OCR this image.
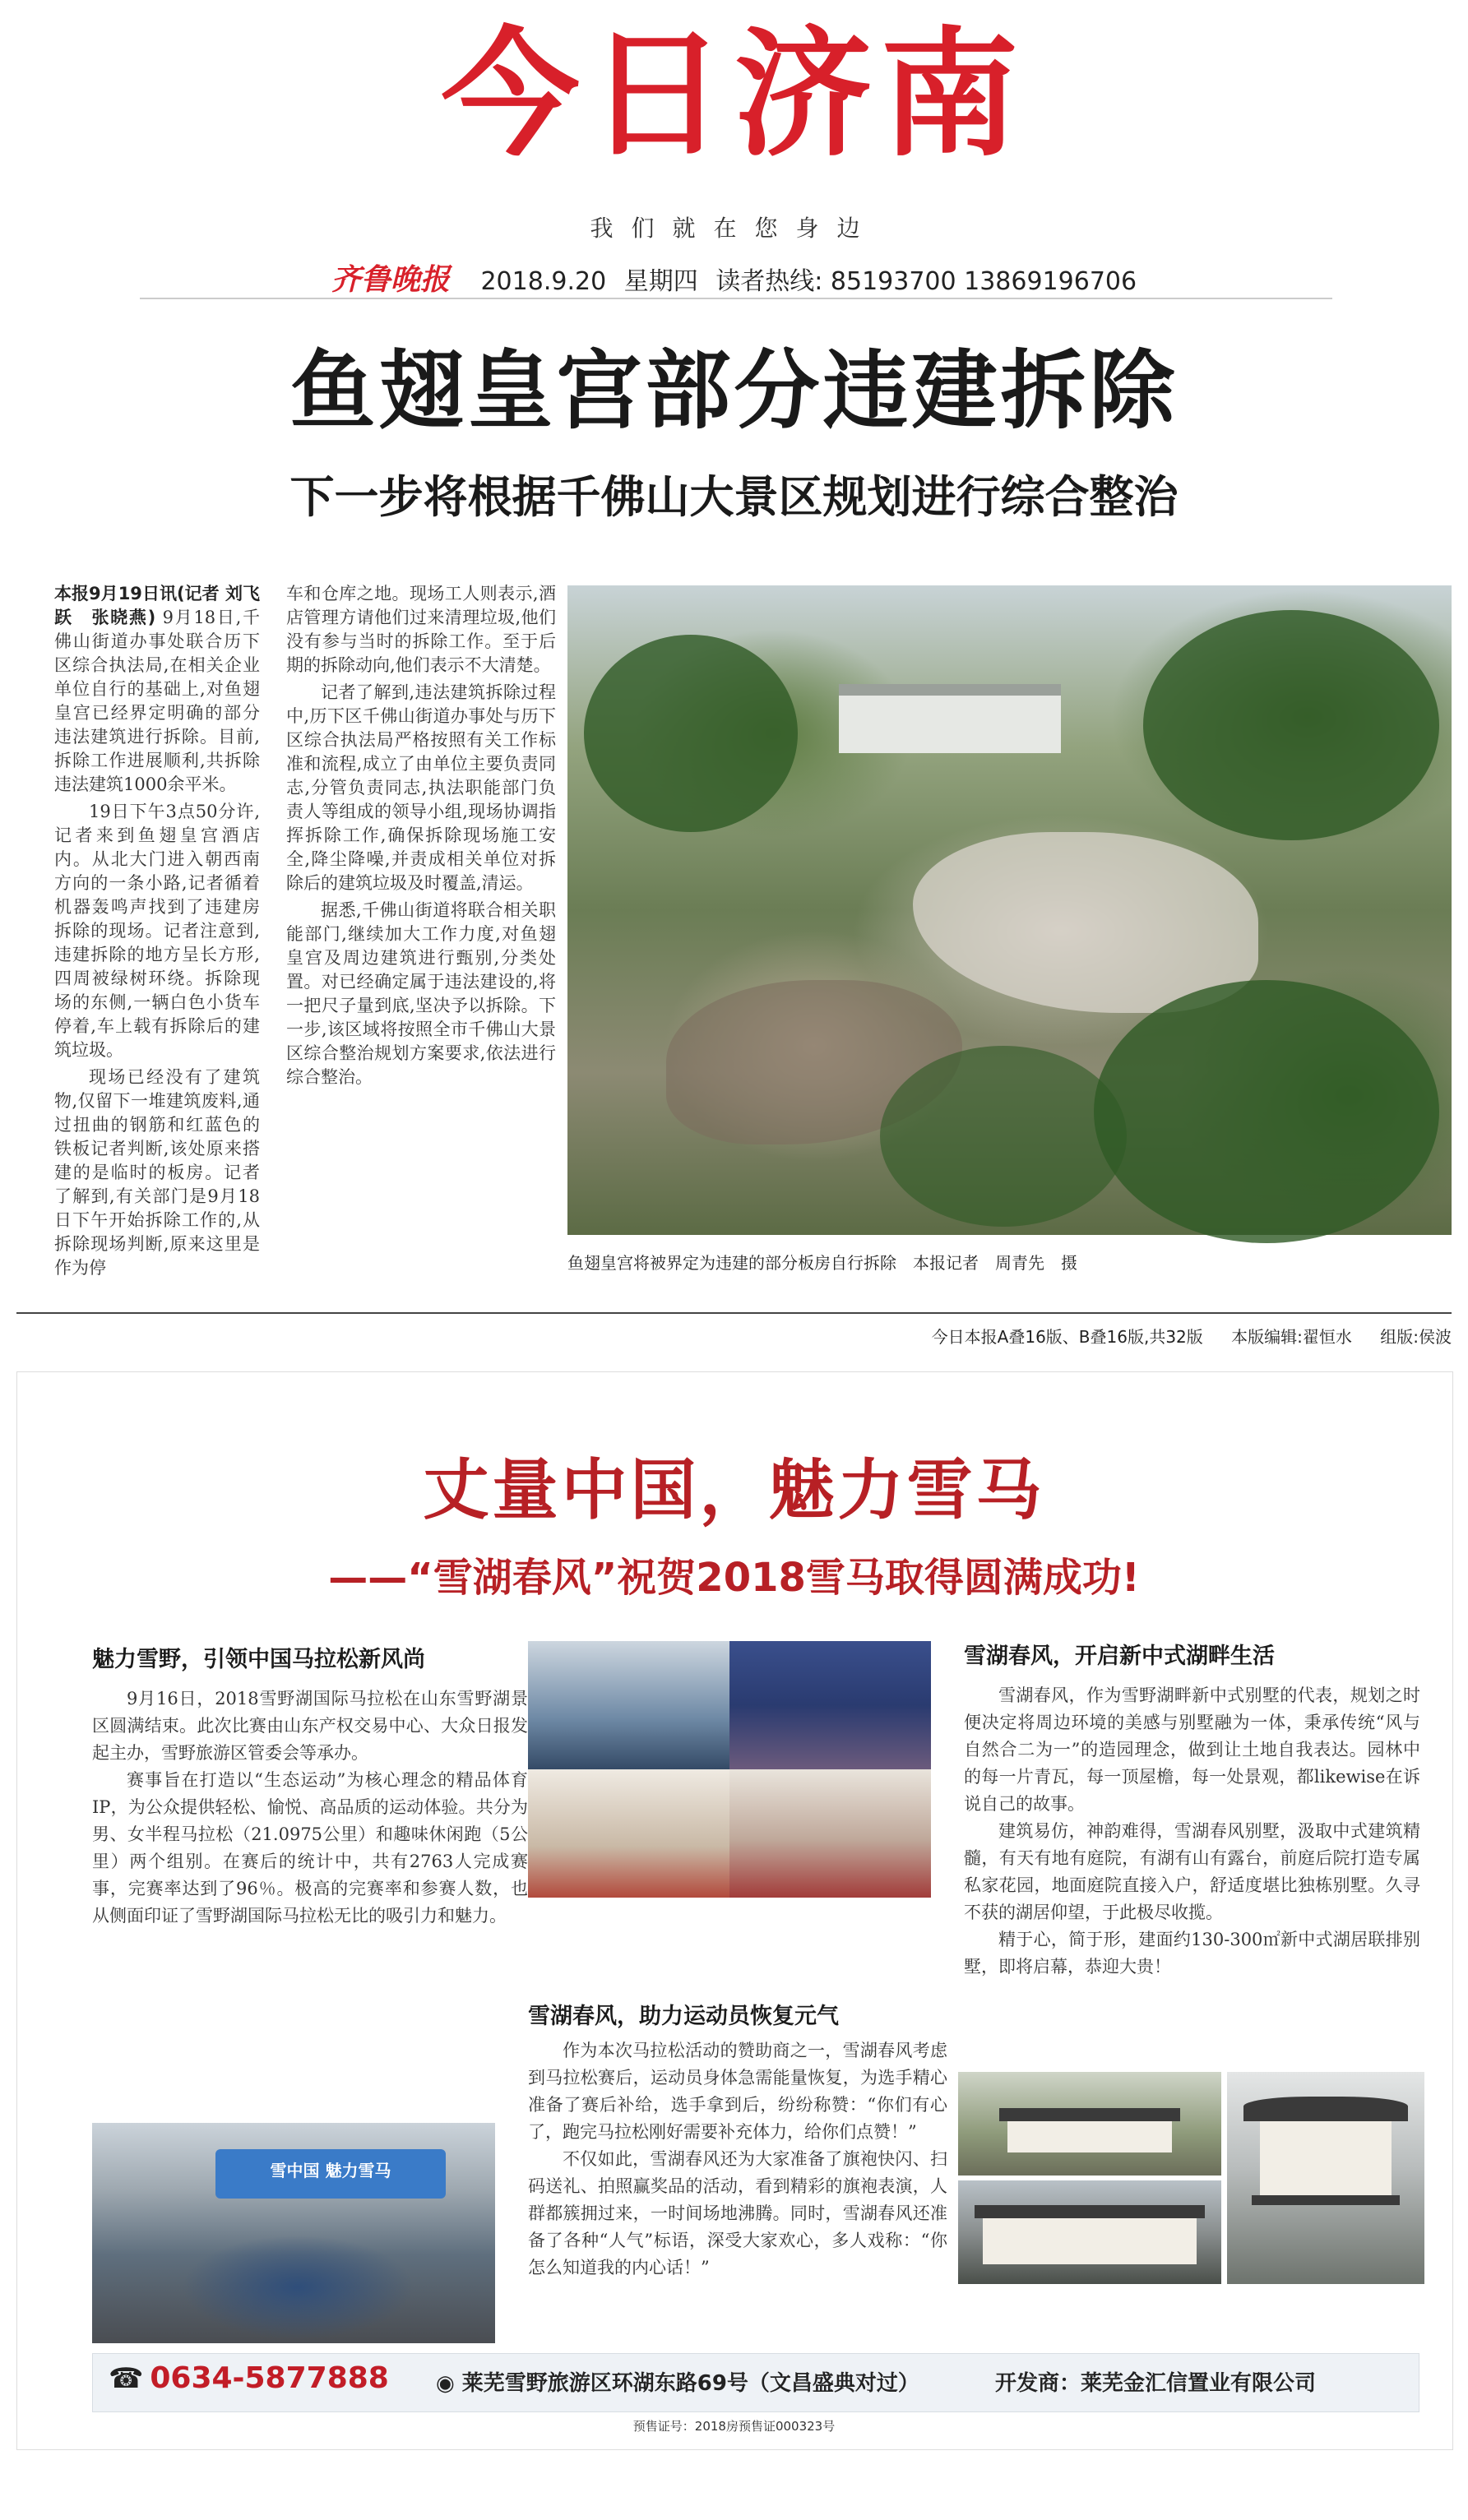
今日济南
我们就在您身边
齐鲁晚报 2018.9.20 星期四 读者热线: 85193700 13869196706
鱼翅皇宫部分违建拆除
下一步将根据千佛山大景区规划进行综合整治

本报9月19日讯(记者 刘飞跃　张晓燕) 9月18日,千佛山街道办事处联合历下区综合执法局,在相关企业单位自行的基础上,对鱼翅皇宫已经界定明确的部分违法建筑进行拆除。目前,拆除工作进展顺利,共拆除违法建筑1000余平米。

19日下午3点50分许,记者来到鱼翅皇宫酒店内。从北大门进入朝西南方向的一条小路,记者循着机器轰鸣声找到了违建房拆除的现场。记者注意到,违建拆除的地方呈长方形,四周被绿树环绕。拆除现场的东侧,一辆白色小货车停着,车上载有拆除后的建筑垃圾。

现场已经没有了建筑物,仅留下一堆建筑废料,通过扭曲的钢筋和红蓝色的铁板记者判断,该处原来搭建的是临时的板房。记者了解到,有关部门是9月18日下午开始拆除工作的,从拆除现场判断,原来这里是作为停

车和仓库之地。现场工人则表示,酒店管理方请他们过来清理垃圾,他们没有参与当时的拆除工作。至于后期的拆除动向,他们表示不大清楚。

记者了解到,违法建筑拆除过程中,历下区千佛山街道办事处与历下区综合执法局严格按照有关工作标准和流程,成立了由单位主要负责同志,分管负责同志,执法职能部门负责人等组成的领导小组,现场协调指挥拆除工作,确保拆除现场施工安全,降尘降噪,并责成相关单位对拆除后的建筑垃圾及时覆盖,清运。

据悉,千佛山街道将联合相关职能部门,继续加大工作力度,对鱼翅皇宫及周边建筑进行甄别,分类处置。对已经确定属于违法建设的,将一把尺子量到底,坚决予以拆除。下一步,该区域将按照全市千佛山大景区综合整治规划方案要求,依法进行综合整治。

鱼翅皇宫将被界定为违建的部分板房自行拆除　本报记者　周青先　摄
今日本报A叠16版、B叠16版,共32版 本版编辑:翟恒水 组版:侯波
丈量中国，魅力雪马
——“雪湖春风”祝贺2018雪马取得圆满成功!
魅力雪野，引领中国马拉松新风尚

9月16日，2018雪野湖国际马拉松在山东雪野湖景区圆满结束。此次比赛由山东产权交易中心、大众日报发起主办，雪野旅游区管委会等承办。

赛事旨在打造以“生态运动”为核心理念的精品体育IP，为公众提供轻松、愉悦、高品质的运动体验。共分为男、女半程马拉松（21.0975公里）和趣味休闲跑（5公里）两个组别。在赛后的统计中，共有2763人完成赛事，完赛率达到了96％。极高的完赛率和参赛人数，也从侧面印证了雪野湖国际马拉松无比的吸引力和魅力。

雪湖春风，助力运动员恢复元气

作为本次马拉松活动的赞助商之一，雪湖春风考虑到马拉松赛后，运动员身体急需能量恢复，为选手精心准备了赛后补给，选手拿到后，纷纷称赞：“你们有心了，跑完马拉松刚好需要补充体力，给你们点赞！”

不仅如此，雪湖春风还为大家准备了旗袍快闪、扫码送礼、拍照赢奖品的活动，看到精彩的旗袍表演，人群都簇拥过来，一时间场地沸腾。同时，雪湖春风还准备了各种“人气”标语，深受大家欢心，多人戏称：“你怎么知道我的内心话！”

雪湖春风，开启新中式湖畔生活

雪湖春风，作为雪野湖畔新中式别墅的代表，规划之时便决定将周边环境的美感与别墅融为一体，秉承传统“风与自然合二为一”的造园理念，做到让土地自我表达。园林中的每一片青瓦，每一顶屋檐，每一处景观，都likewise在诉说自己的故事。

建筑易仿，神韵难得，雪湖春风别墅，汲取中式建筑精髓，有天有地有庭院，有湖有山有露台，前庭后院打造专属私家花园，地面庭院直接入户，舒适度堪比独栋别墅。久寻不获的湖居仰望，于此极尽收揽。

精于心，简于形，建面约130-300㎡新中式湖居联排别墅，即将启幕，恭迎大贵！

雪中国 魅力雪马
☎ 0634-5877888 ◉ 莱芜雪野旅游区环湖东路69号（文昌盛典对过）	开发商：莱芜金汇信置业有限公司
预售证号：2018房预售证000323号
